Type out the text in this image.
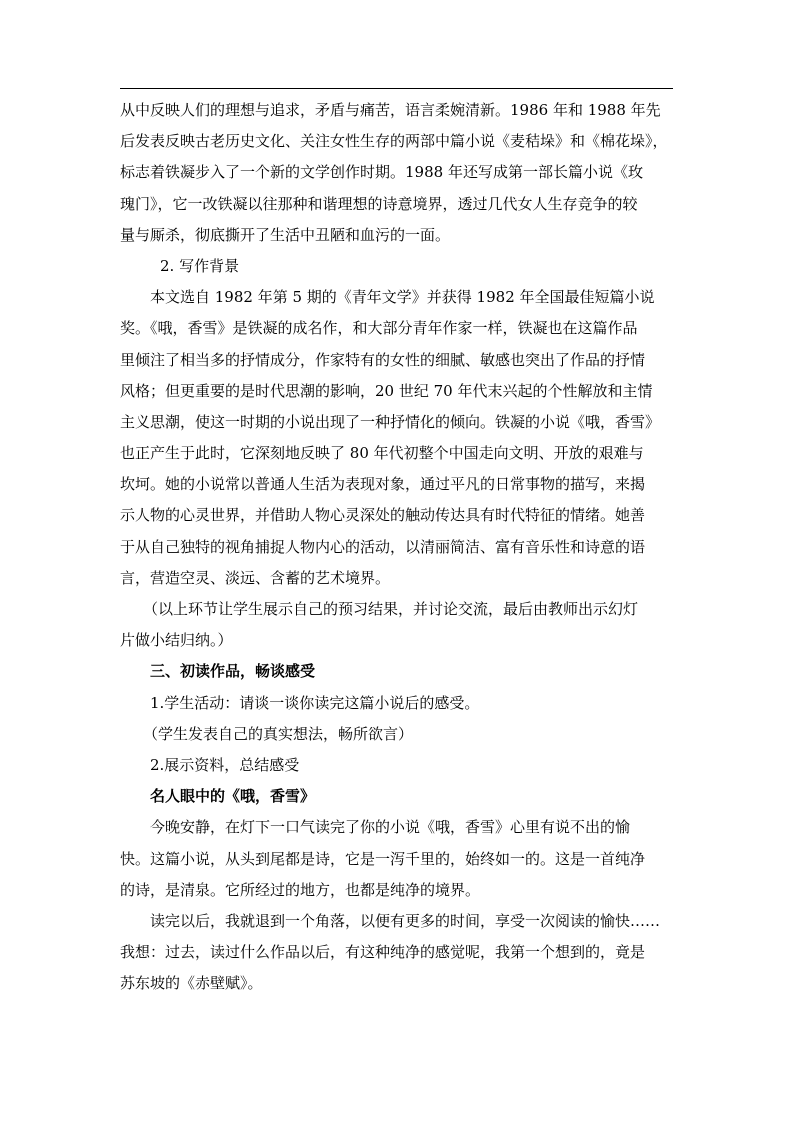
从中反映人们的理想与追求，矛盾与痛苦，语言柔婉清新。1986 年和 1988 年先
后发表反映古老历史文化、关注女性生存的两部中篇小说《麦秸垛》和《棉花垛》，
标志着铁凝步入了一个新的文学创作时期。1988 年还写成第一部长篇小说《玫
瑰门》，它一改铁凝以往那种和谐理想的诗意境界，透过几代女人生存竞争的较
量与厮杀，彻底撕开了生活中丑陋和血污的一面。
2. 写作背景
本文选自 1982 年第 5 期的《青年文学》并获得 1982 年全国最佳短篇小说
奖。《哦，香雪》是铁凝的成名作，和大部分青年作家一样，铁凝也在这篇作品
里倾注了相当多的抒情成分，作家特有的女性的细腻、敏感也突出了作品的抒情
风格；但更重要的是时代思潮的影响，20 世纪 70 年代末兴起的个性解放和主情
主义思潮，使这一时期的小说出现了一种抒情化的倾向。铁凝的小说《哦，香雪》
也正产生于此时，它深刻地反映了 80 年代初整个中国走向文明、开放的艰难与
坎坷。她的小说常以普通人生活为表现对象，通过平凡的日常事物的描写，来揭
示人物的心灵世界，并借助人物心灵深处的触动传达具有时代特征的情绪。她善
于从自己独特的视角捕捉人物内心的活动，以清丽简洁、富有音乐性和诗意的语
言，营造空灵、淡远、含蓄的艺术境界。
（以上环节让学生展示自己的预习结果，并讨论交流，最后由教师出示幻灯
片做小结归纳。）
三、初读作品，畅谈感受
1.学生活动：请谈一谈你读完这篇小说后的感受。
（学生发表自己的真实想法，畅所欲言）
2.展示资料，总结感受
名人眼中的《哦，香雪》
今晚安静，在灯下一口气读完了你的小说《哦，香雪》心里有说不出的愉
快。这篇小说，从头到尾都是诗，它是一泻千里的，始终如一的。这是一首纯净
的诗，是清泉。它所经过的地方，也都是纯净的境界。
读完以后，我就退到一个角落，以便有更多的时间，享受一次阅读的愉快……
我想：过去，读过什么作品以后，有这种纯净的感觉呢，我第一个想到的，竟是
苏东坡的《赤壁赋》。
